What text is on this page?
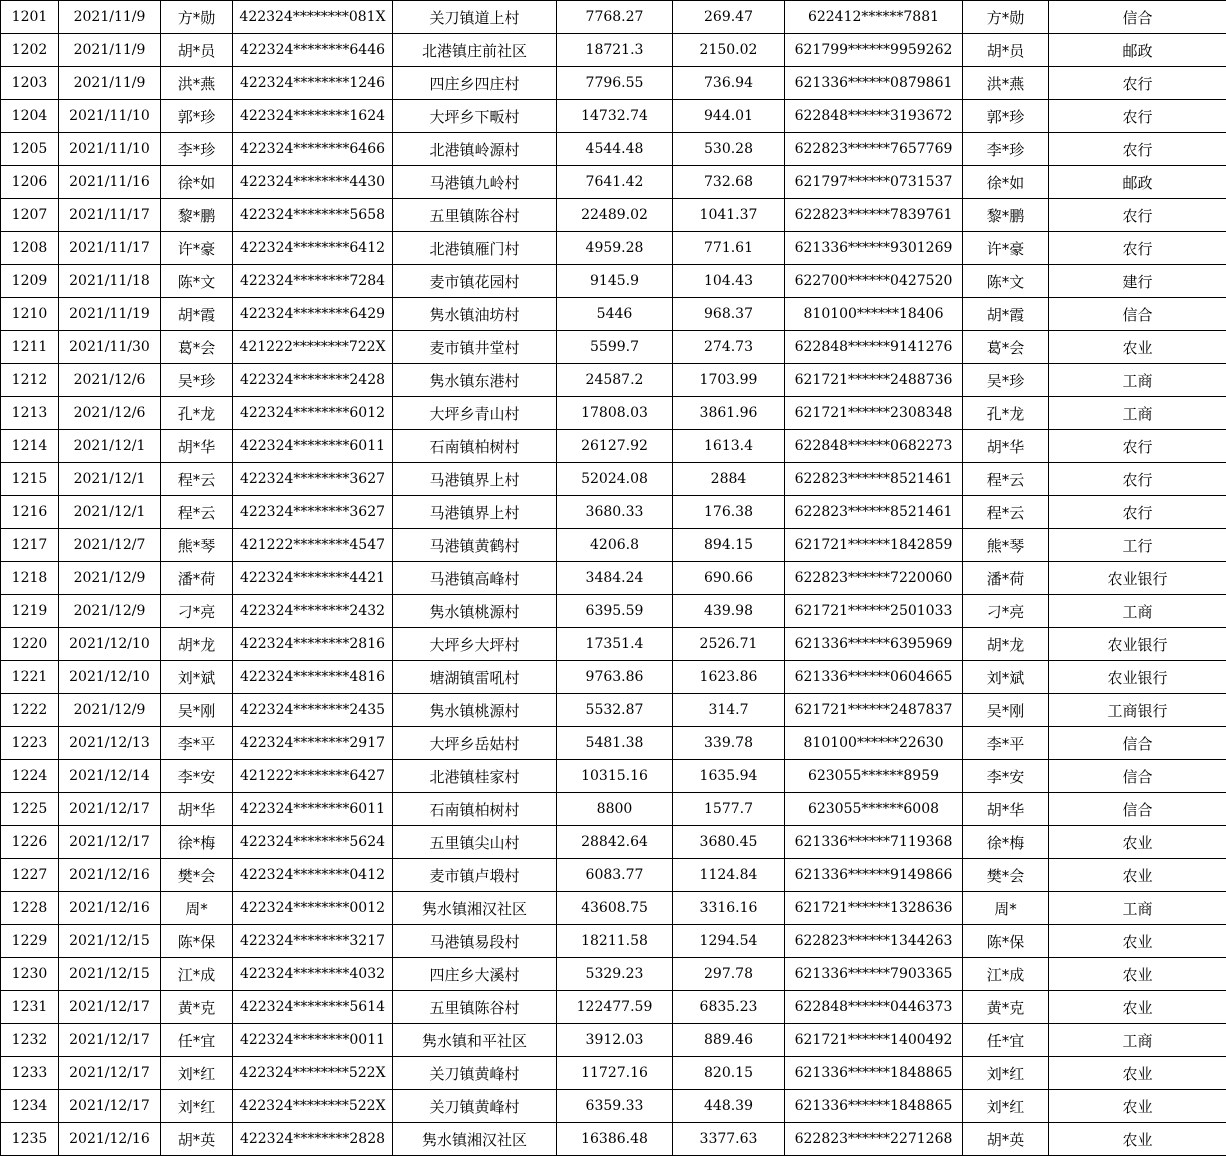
1201	2021/11/9	方*勋	422324********081X	关刀镇道上村	7768.27	269.47	622412******7881	方*勋	信合
1202	2021/11/9	胡*员	422324********6446	北港镇庄前社区	18721.3	2150.02	621799******9959262	胡*员	邮政
1203	2021/11/9	洪*燕	422324********1246	四庄乡四庄村	7796.55	736.94	621336******0879861	洪*燕	农行
1204	2021/11/10	郭*珍	422324********1624	大坪乡下畈村	14732.74	944.01	622848******3193672	郭*珍	农行
1205	2021/11/10	李*珍	422324********6466	北港镇岭源村	4544.48	530.28	622823******7657769	李*珍	农行
1206	2021/11/16	徐*如	422324********4430	马港镇九岭村	7641.42	732.68	621797******0731537	徐*如	邮政
1207	2021/11/17	黎*鹏	422324********5658	五里镇陈谷村	22489.02	1041.37	622823******7839761	黎*鹏	农行
1208	2021/11/17	许*豪	422324********6412	北港镇雁门村	4959.28	771.61	621336******9301269	许*豪	农行
1209	2021/11/18	陈*文	422324********7284	麦市镇花园村	9145.9	104.43	622700******0427520	陈*文	建行
1210	2021/11/19	胡*霞	422324********6429	隽水镇油坊村	5446	968.37	810100******18406	胡*霞	信合
1211	2021/11/30	葛*会	421222********722X	麦市镇井堂村	5599.7	274.73	622848******9141276	葛*会	农业
1212	2021/12/6	吴*珍	422324********2428	隽水镇东港村	24587.2	1703.99	621721******2488736	吴*珍	工商
1213	2021/12/6	孔*龙	422324********6012	大坪乡青山村	17808.03	3861.96	621721******2308348	孔*龙	工商
1214	2021/12/1	胡*华	422324********6011	石南镇柏树村	26127.92	1613.4	622848******0682273	胡*华	农行
1215	2021/12/1	程*云	422324********3627	马港镇界上村	52024.08	2884	622823******8521461	程*云	农行
1216	2021/12/1	程*云	422324********3627	马港镇界上村	3680.33	176.38	622823******8521461	程*云	农行
1217	2021/12/7	熊*琴	421222********4547	马港镇黄鹤村	4206.8	894.15	621721******1842859	熊*琴	工行
1218	2021/12/9	潘*荷	422324********4421	马港镇高峰村	3484.24	690.66	622823******7220060	潘*荷	农业银行
1219	2021/12/9	刁*亮	422324********2432	隽水镇桃源村	6395.59	439.98	621721******2501033	刁*亮	工商
1220	2021/12/10	胡*龙	422324********2816	大坪乡大坪村	17351.4	2526.71	621336******6395969	胡*龙	农业银行
1221	2021/12/10	刘*斌	422324********4816	塘湖镇雷吼村	9763.86	1623.86	621336******0604665	刘*斌	农业银行
1222	2021/12/9	吴*刚	422324********2435	隽水镇桃源村	5532.87	314.7	621721******2487837	吴*刚	工商银行
1223	2021/12/13	李*平	422324********2917	大坪乡岳姑村	5481.38	339.78	810100******22630	李*平	信合
1224	2021/12/14	李*安	421222********6427	北港镇桂家村	10315.16	1635.94	623055******8959	李*安	信合
1225	2021/12/17	胡*华	422324********6011	石南镇柏树村	8800	1577.7	623055******6008	胡*华	信合
1226	2021/12/17	徐*梅	422324********5624	五里镇尖山村	28842.64	3680.45	621336******7119368	徐*梅	农业
1227	2021/12/16	樊*会	422324********0412	麦市镇卢塅村	6083.77	1124.84	621336******9149866	樊*会	农业
1228	2021/12/16	周*	422324********0012	隽水镇湘汉社区	43608.75	3316.16	621721******1328636	周*	工商
1229	2021/12/15	陈*保	422324********3217	马港镇易段村	18211.58	1294.54	622823******1344263	陈*保	农业
1230	2021/12/15	江*成	422324********4032	四庄乡大溪村	5329.23	297.78	621336******7903365	江*成	农业
1231	2021/12/17	黄*克	422324********5614	五里镇陈谷村	122477.59	6835.23	622848******0446373	黄*克	农业
1232	2021/12/17	任*宜	422324********0011	隽水镇和平社区	3912.03	889.46	621721******1400492	任*宜	工商
1233	2021/12/17	刘*红	422324********522X	关刀镇黄峰村	11727.16	820.15	621336******1848865	刘*红	农业
1234	2021/12/17	刘*红	422324********522X	关刀镇黄峰村	6359.33	448.39	621336******1848865	刘*红	农业
1235	2021/12/16	胡*英	422324********2828	隽水镇湘汉社区	16386.48	3377.63	622823******2271268	胡*英	农业
